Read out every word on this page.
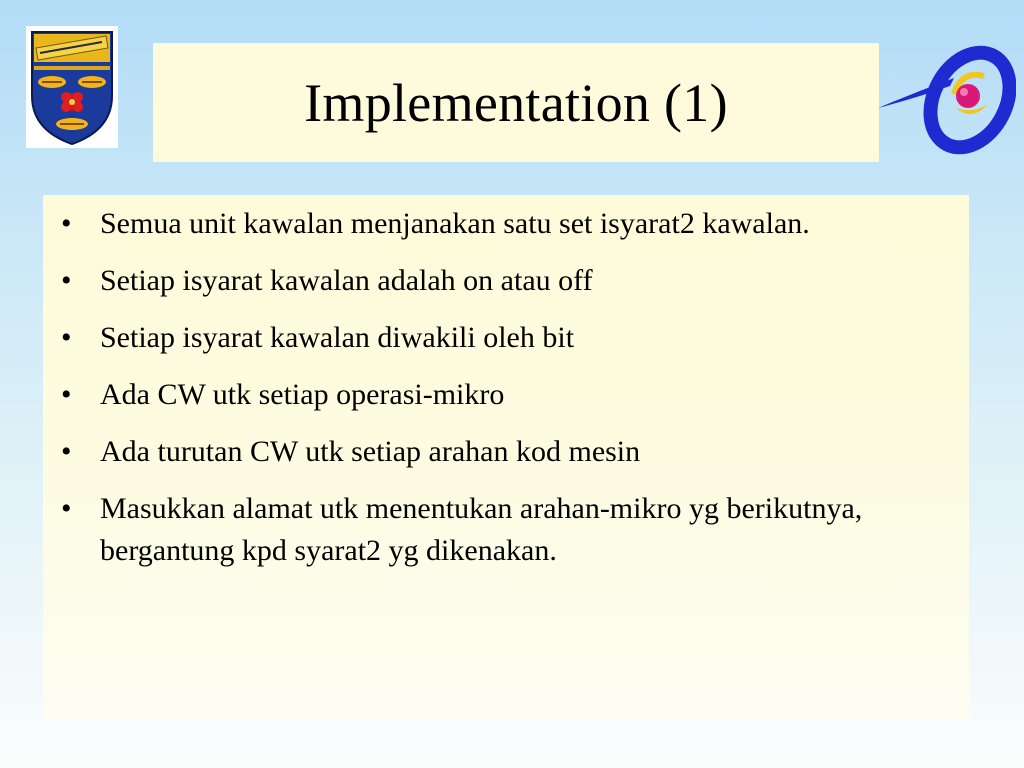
Implementation (1)
• Semua unit kawalan menjanakan satu set isyarat2 kawalan.
• Setiap isyarat kawalan adalah on atau off
• Setiap isyarat kawalan diwakili oleh bit
• Ada CW utk setiap operasi-mikro
• Ada turutan CW utk setiap arahan kod mesin
• Masukkan alamat utk menentukan arahan-mikro yg berikutnya, bergantung kpd syarat2 yg dikenakan.
